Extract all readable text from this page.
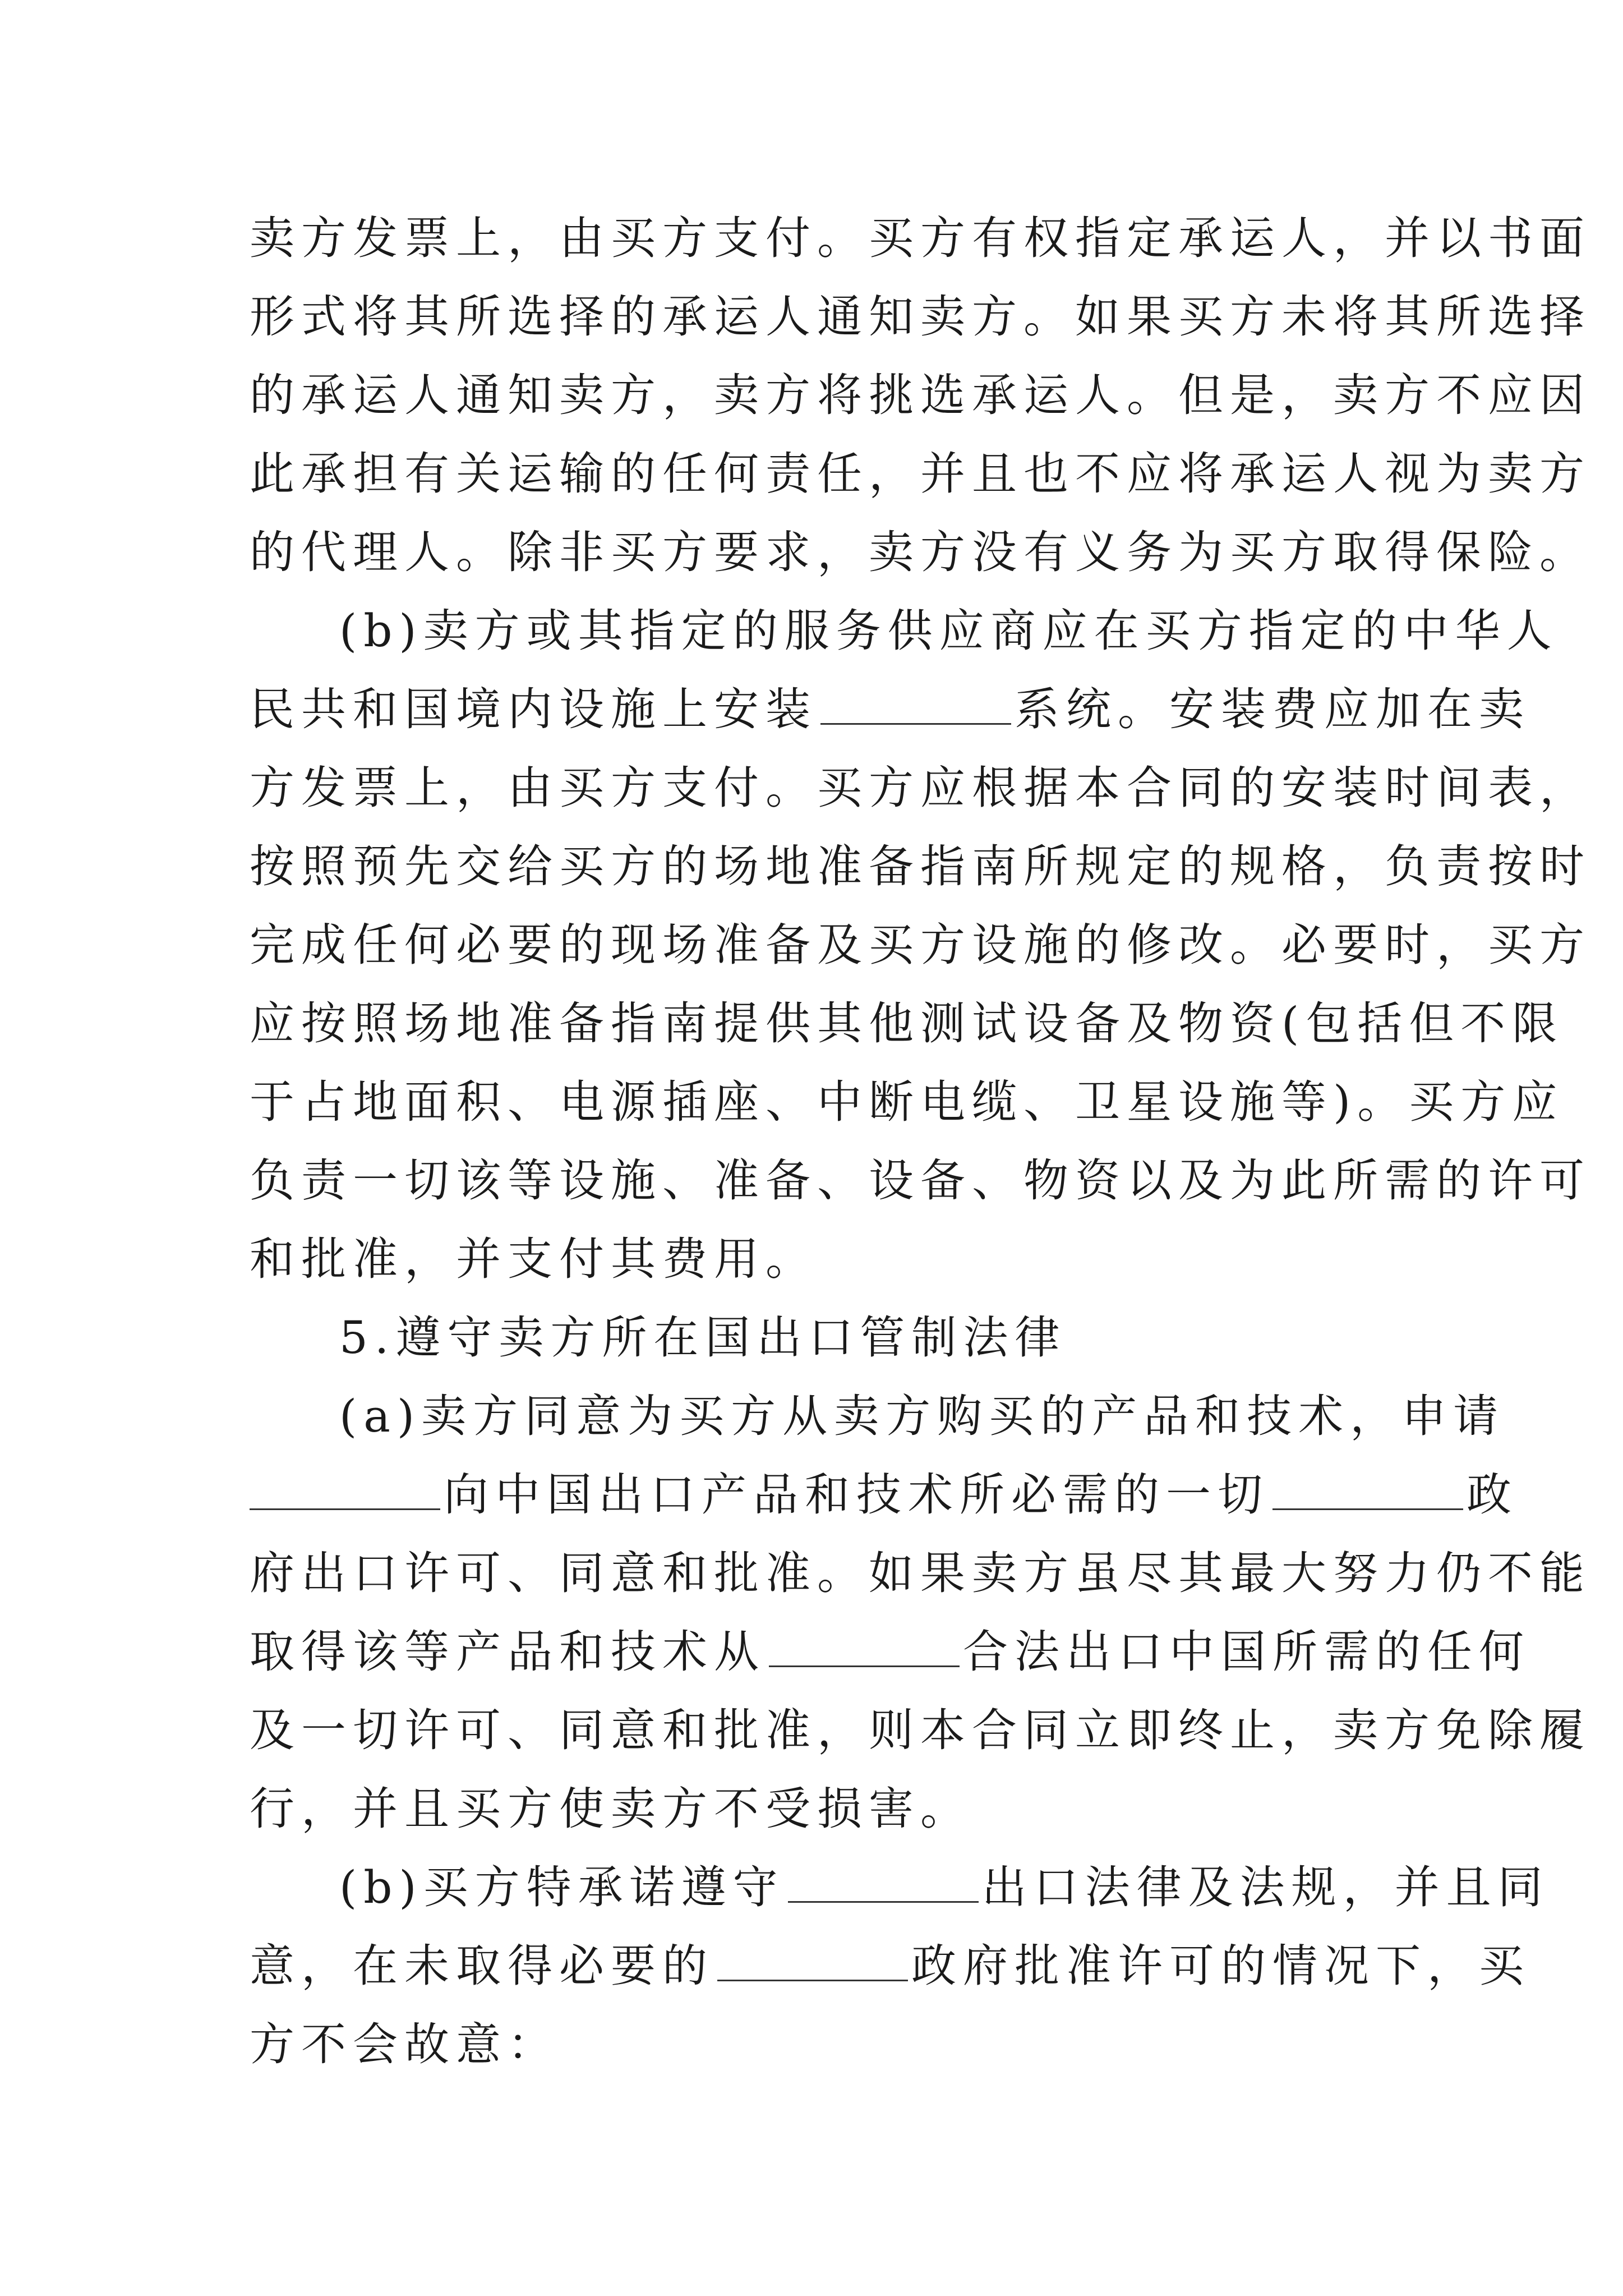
卖方发票上，由买方支付。买方有权指定承运人，并以书面
形式将其所选择的承运人通知卖方。如果买方未将其所选择
的承运人通知卖方，卖方将挑选承运人。但是，卖方不应因
此承担有关运输的任何责任，并且也不应将承运人视为卖方
的代理人。除非买方要求，卖方没有义务为买方取得保险。
(b)卖方或其指定的服务供应商应在买方指定的中华人
民共和国境内设施上安装	系统。安装费应加在卖
方发票上，由买方支付。买方应根据本合同的安装时间表，
按照预先交给买方的场地准备指南所规定的规格，负责按时
完成任何必要的现场准备及买方设施的修改。必要时，买方
应按照场地准备指南提供其他测试设备及物资(包括但不限
于占地面积、电源插座、中断电缆、卫星设施等)。买方应
负责一切该等设施、准备、设备、物资以及为此所需的许可
和批准，并支付其费用。
5.遵守卖方所在国出口管制法律
(a)卖方同意为买方从卖方购买的产品和技术，申请
向中国出口产品和技术所必需的一切	政
府出口许可、同意和批准。如果卖方虽尽其最大努力仍不能
取得该等产品和技术从	合法出口中国所需的任何
及一切许可、同意和批准，则本合同立即终止，卖方免除履
行，并且买方使卖方不受损害。
(b)买方特承诺遵守	出口法律及法规，并且同
意，在未取得必要的	政府批准许可的情况下，买
方不会故意：
